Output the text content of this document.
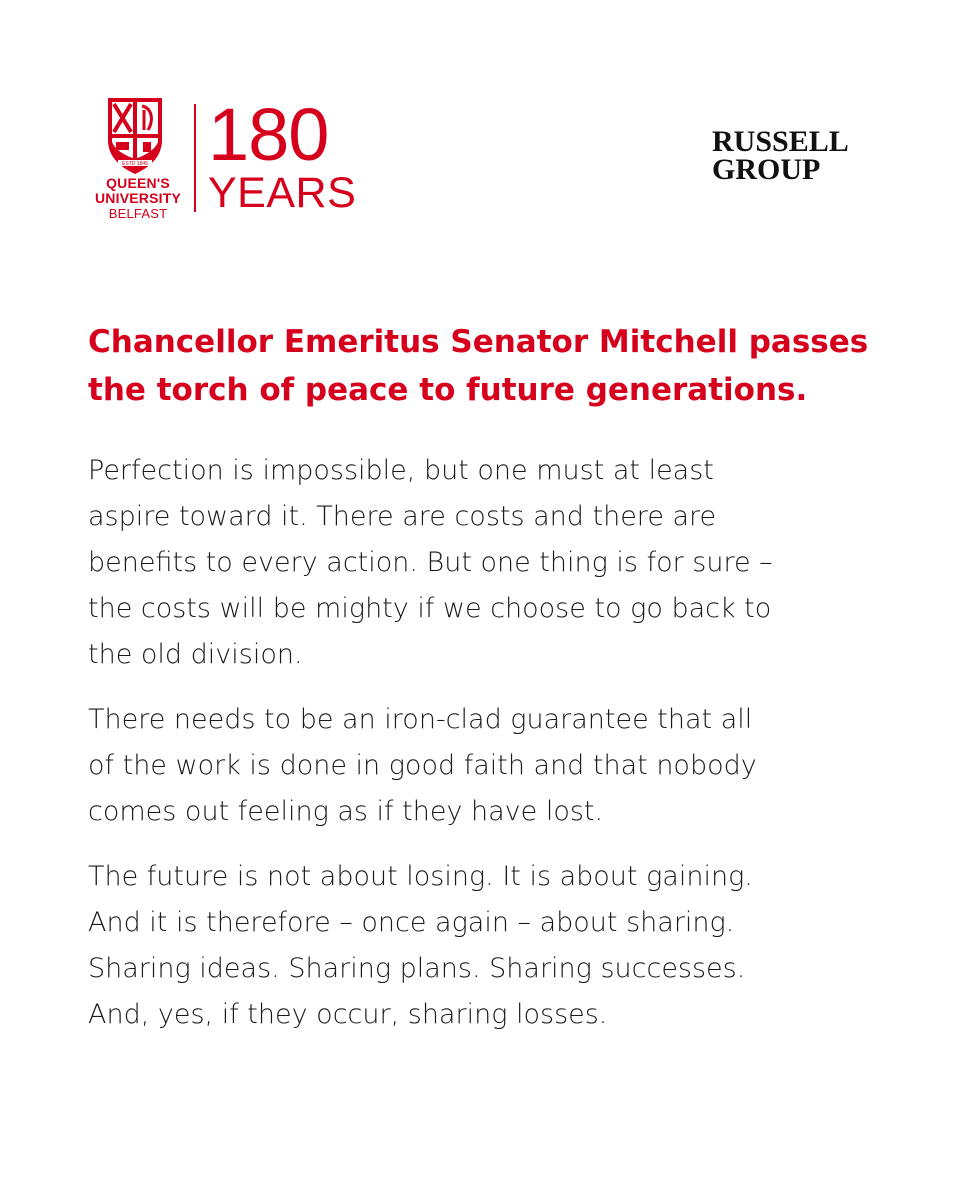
ESTD 1845
QUEEN'S
UNIVERSITY
BELFAST
180
YEARS
RUSSELL
GROUP
Chancellor Emeritus Senator Mitchell passes
the torch of peace to future generations.

Perfection is impossible, but one must at least
aspire toward it. There are costs and there are
benefits to every action. But one thing is for sure –
the costs will be mighty if we choose to go back to
the old division.

There needs to be an iron-clad guarantee that all
of the work is done in good faith and that nobody
comes out feeling as if they have lost.

The future is not about losing. It is about gaining.
And it is therefore – once again – about sharing.
Sharing ideas. Sharing plans. Sharing successes.
And, yes, if they occur, sharing losses.
